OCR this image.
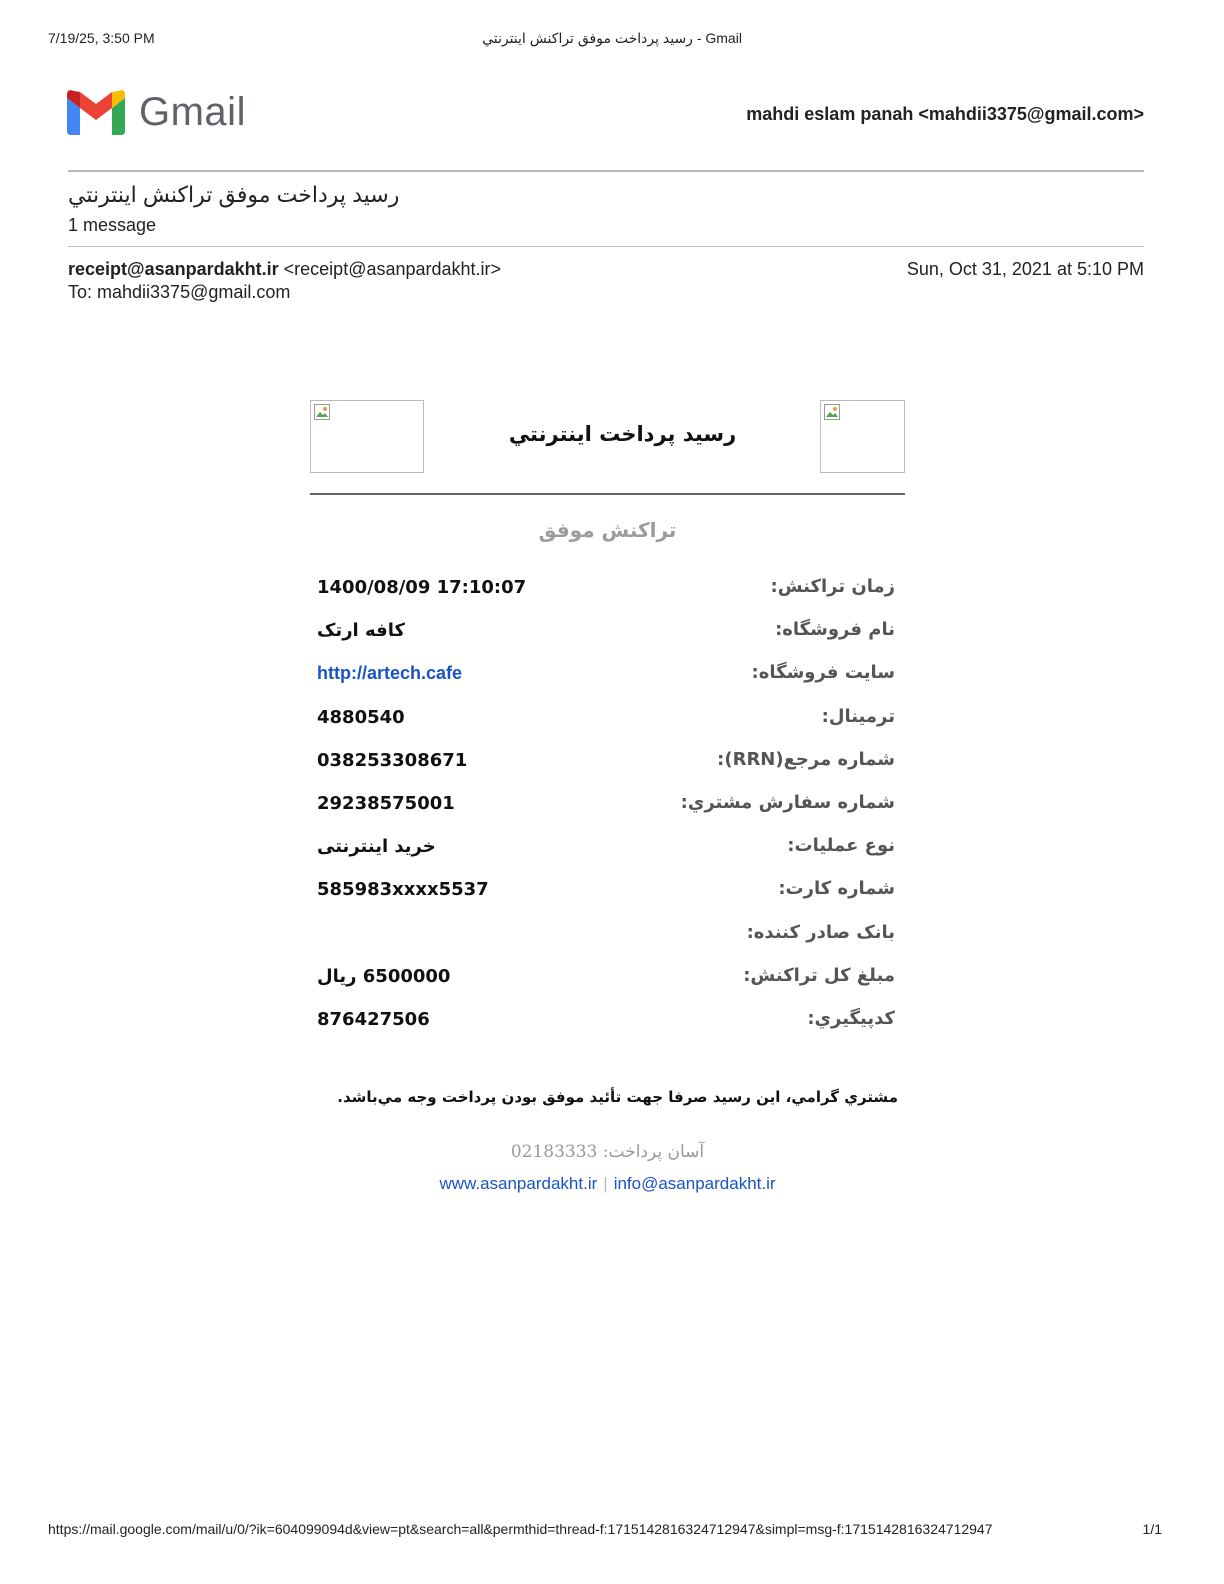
7/19/25, 3:50 PM	رسيد پرداخت موفق تراکنش اينترنتي - Gmail
Gmail	mahdi eslam panah <mahdii3375@gmail.com>
رسيد پرداخت موفق تراکنش اينترنتي
1 message
receipt@asanpardakht.ir <receipt@asanpardakht.ir>	Sun, Oct 31, 2021 at 5:10 PM
To: mahdii3375@gmail.com
رسيد پرداخت اينترنتي
تراکنش موفق
زمان تراکنش:
1400/08/09 17:10:07
نام فروشگاه:
کافه ارتک
سايت فروشگاه:
http://artech.cafe
ترمينال:
4880540
شماره مرجع(RRN):
038253308671
شماره سفارش مشتري:
29238575001
نوع عمليات:
خرید اینترنتی
شماره کارت:
585983xxxx5537
بانک صادر کننده:
مبلغ کل تراکنش:
6500000 ریال
کدپيگيري:
876427506
مشتري گرامي، اين رسيد صرفا جهت تأئيد موفق بودن پرداخت وجه مي‌باشد.
آسان پرداخت: 02183333
www.asanpardakht.ir | info@asanpardakht.ir
https://mail.google.com/mail/u/0/?ik=604099094d&view=pt&search=all&permthid=thread-f:1715142816324712947&simpl=msg-f:1715142816324712947	1/1
